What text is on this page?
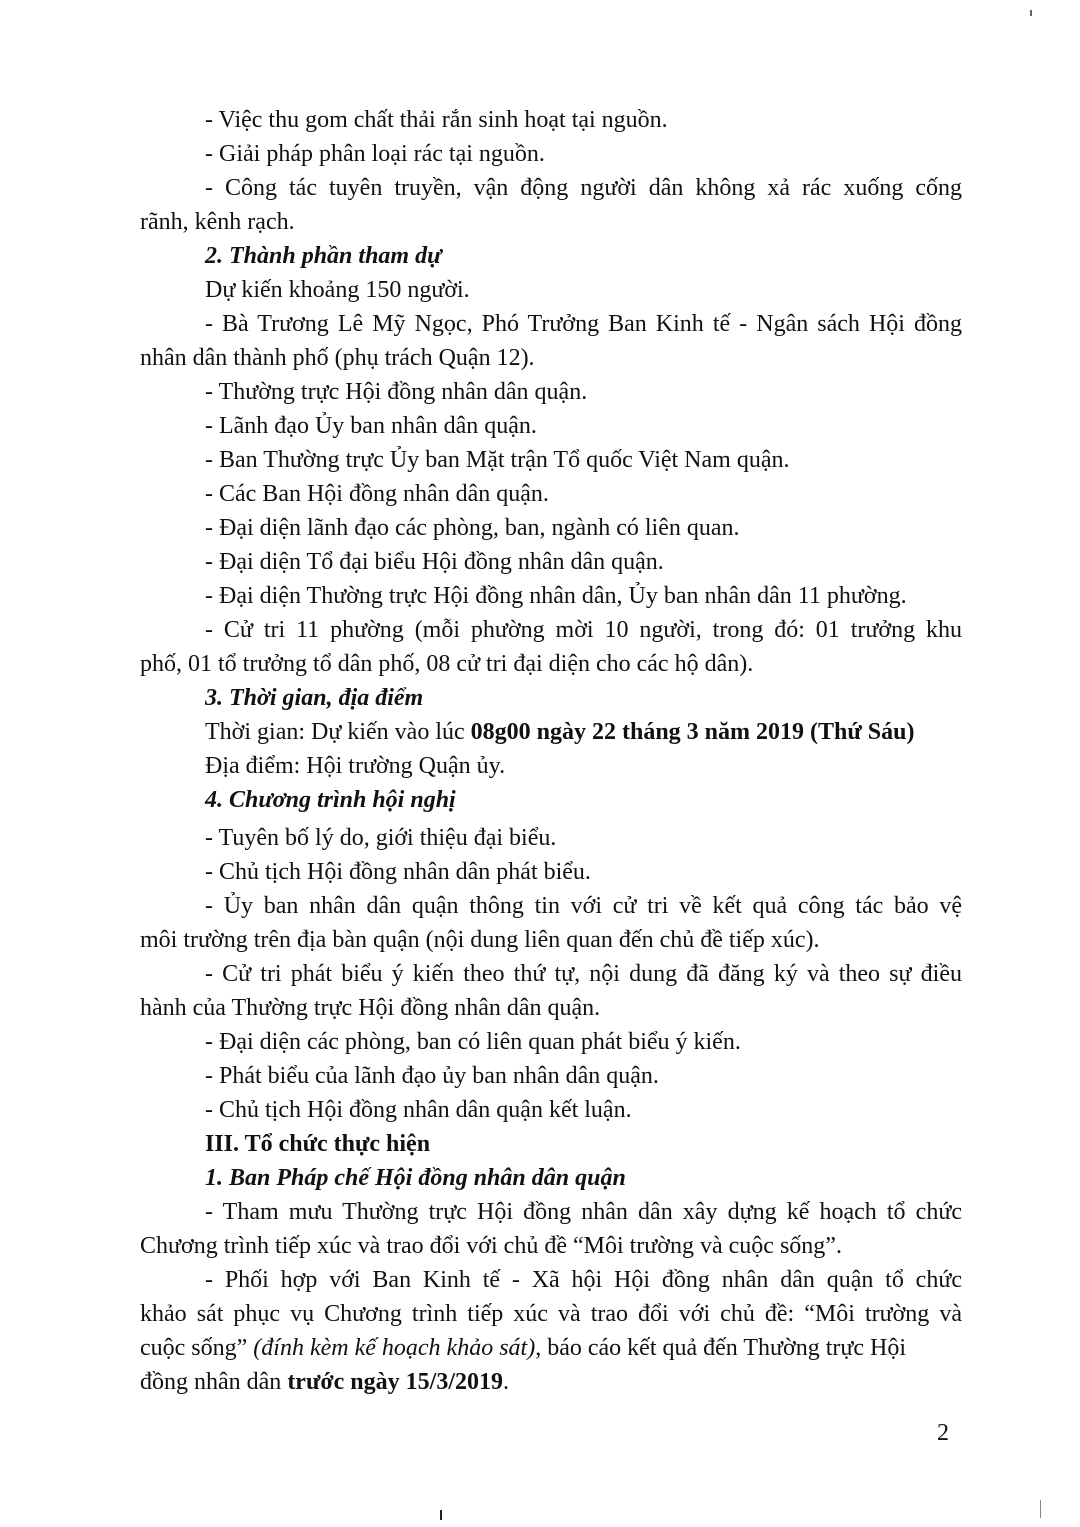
- Việc thu gom chất thải rắn sinh hoạt tại nguồn.
- Giải pháp phân loại rác tại nguồn.
- Công tác tuyên truyền, vận động người dân không xả rác xuống cống
rãnh, kênh rạch.
2. Thành phần tham dự
Dự kiến khoảng 150 người.
- Bà Trương Lê Mỹ Ngọc, Phó Trưởng Ban Kinh tế - Ngân sách Hội đồng
nhân dân thành phố (phụ trách Quận 12).
- Thường trực Hội đồng nhân dân quận.
- Lãnh đạo Ủy ban nhân dân quận.
- Ban Thường trực Ủy ban Mặt trận Tổ quốc Việt Nam quận.
- Các Ban Hội đồng nhân dân quận.
- Đại diện lãnh đạo các phòng, ban, ngành có liên quan.
- Đại diện Tổ đại biểu Hội đồng nhân dân quận.
- Đại diện Thường trực Hội đồng nhân dân, Ủy ban nhân dân 11 phường.
- Cử tri 11 phường (mỗi phường mời 10 người, trong đó: 01 trưởng khu
phố, 01 tổ trưởng tổ dân phố, 08 cử tri đại diện cho các hộ dân).
3. Thời gian, địa điểm
Thời gian: Dự kiến vào lúc 08g00 ngày 22 tháng 3 năm 2019 (Thứ Sáu)
Địa điểm: Hội trường Quận ủy.
4. Chương trình hội nghị
- Tuyên bố lý do, giới thiệu đại biểu.
- Chủ tịch Hội đồng nhân dân phát biểu.
- Ủy ban nhân dân quận thông tin với cử tri về kết quả công tác bảo vệ
môi trường trên địa bàn quận (nội dung liên quan đến chủ đề tiếp xúc).
- Cử tri phát biểu ý kiến theo thứ tự, nội dung đã đăng ký và theo sự điều
hành của Thường trực Hội đồng nhân dân quận.
- Đại diện các phòng, ban có liên quan phát biểu ý kiến.
- Phát biểu của lãnh đạo ủy ban nhân dân quận.
- Chủ tịch Hội đồng nhân dân quận kết luận.
III. Tổ chức thực hiện
1. Ban Pháp chế Hội đồng nhân dân quận
- Tham mưu Thường trực Hội đồng nhân dân xây dựng kế hoạch tổ chức
Chương trình tiếp xúc và trao đổi với chủ đề “Môi trường và cuộc sống”.
- Phối hợp với Ban Kinh tế - Xã hội Hội đồng nhân dân quận tổ chức
khảo sát phục vụ Chương trình tiếp xúc và trao đổi với chủ đề: “Môi trường và
cuộc sống” (đính kèm kế hoạch khảo sát), báo cáo kết quả đến Thường trực Hội
đồng nhân dân trước ngày 15/3/2019.
2
